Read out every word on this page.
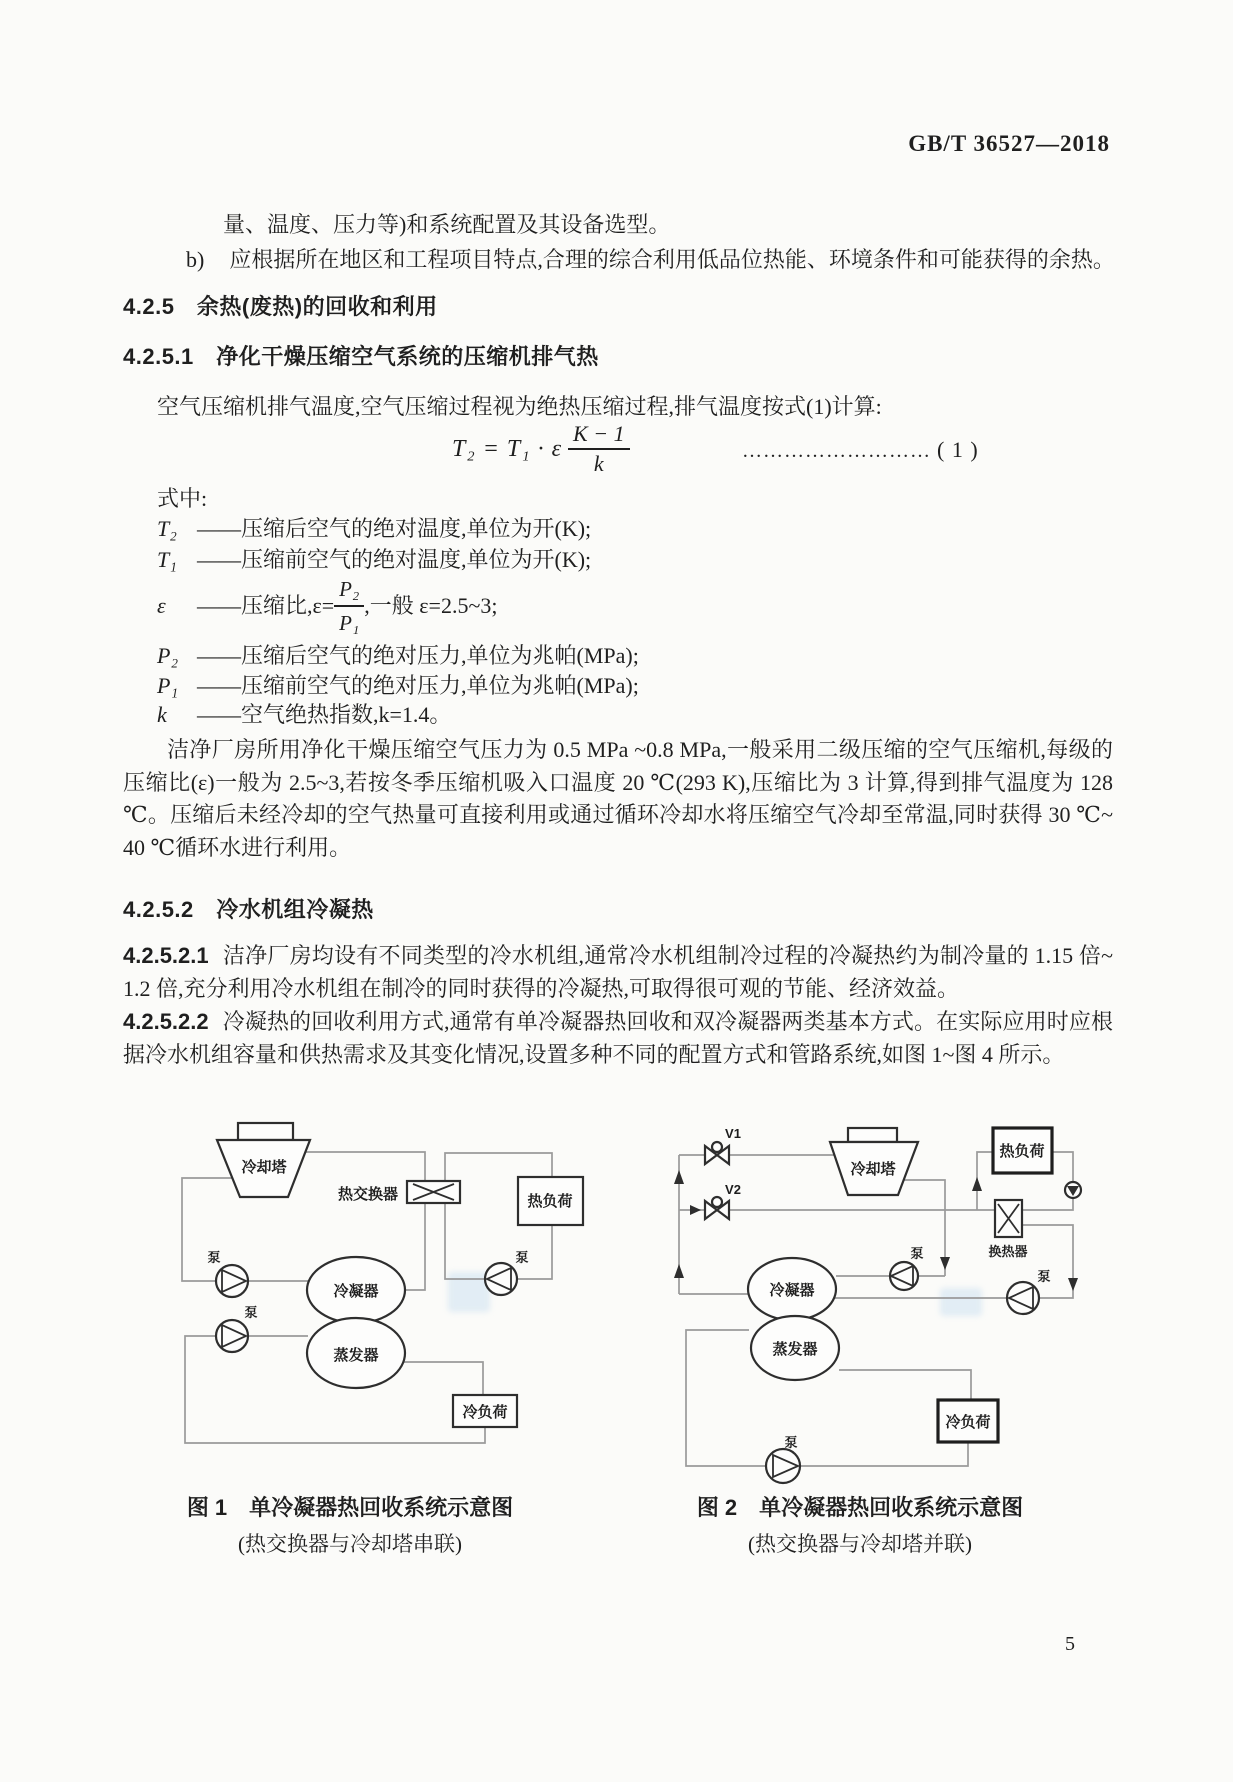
GB/T 36527—2018
量、温度、压力等)和系统配置及其设备选型。
b) 应根据所在地区和工程项目特点,合理的综合利用低品位热能、环境条件和可能获得的余热。
4.2.5　余热(废热)的回收和利用
4.2.5.1　净化干燥压缩空气系统的压缩机排气热
空气压缩机排气温度,空气压缩过程视为绝热压缩过程,排气温度按式(1)计算:
T₂ = T₁ · ε $\frac{K - 1}{k}$	……………………… ( 1 )
式中:
T₂ ——压缩后空气的绝对温度,单位为开(K);
T₁ ——压缩前空气的绝对温度,单位为开(K);
ε	——压缩比$,\varepsilon= \frac{\text{P₂}}{\text{P₁}}$ ,一般 ε=2.5~3;
P₂ ——压缩后空气的绝对压力,单位为兆帕(MPa);
P₁ ——压缩前空气的绝对压力,单位为兆帕(MPa);
k ——空气绝热指数,k=1.4。
洁净厂房所用净化干燥压缩空气压力为 0.5 MPa ~0.8 MPa,一般采用二级压缩的空气压缩机,每级的压缩比(ε)一般为 2.5~3,若按冬季压缩机吸入口温度 20 ℃(293 K),压缩比为 3 计算,得到排气温度为 128 ℃。压缩后未经冷却的空气热量可直接利用或通过循环冷却水将压缩空气冷却至常温,同时获得 30 ℃~40 ℃循环水进行利用。
4.2.5.2　冷水机组冷凝热
4.2.5.2.1 洁净厂房均设有不同类型的冷水机组,通常冷水机组制冷过程的冷凝热约为制冷量的 1.15 倍~1.2 倍,充分利用冷水机组在制冷的同时获得的冷凝热,可取得很可观的节能、经济效益。
4.2.5.2.2 冷凝热的回收利用方式,通常有单冷凝器热回收和双冷凝器两类基本方式。在实际应用时应根据冷水机组容量和供热需求及其变化情况,设置多种不同的配置方式和管路系统,如图 1~图 4 所示。
冷却塔
热交换器	热负荷
冷凝器
蒸发器
冷负荷
泵
泵
泵
V1
V2
冷却塔
热负荷
换热器
泵
泵
泵
冷凝器
蒸发器
冷负荷
图 1　单冷凝器热回收系统示意图
(热交换器与冷却塔串联)
图 2　单冷凝器热回收系统示意图
(热交换器与冷却塔并联)
5
